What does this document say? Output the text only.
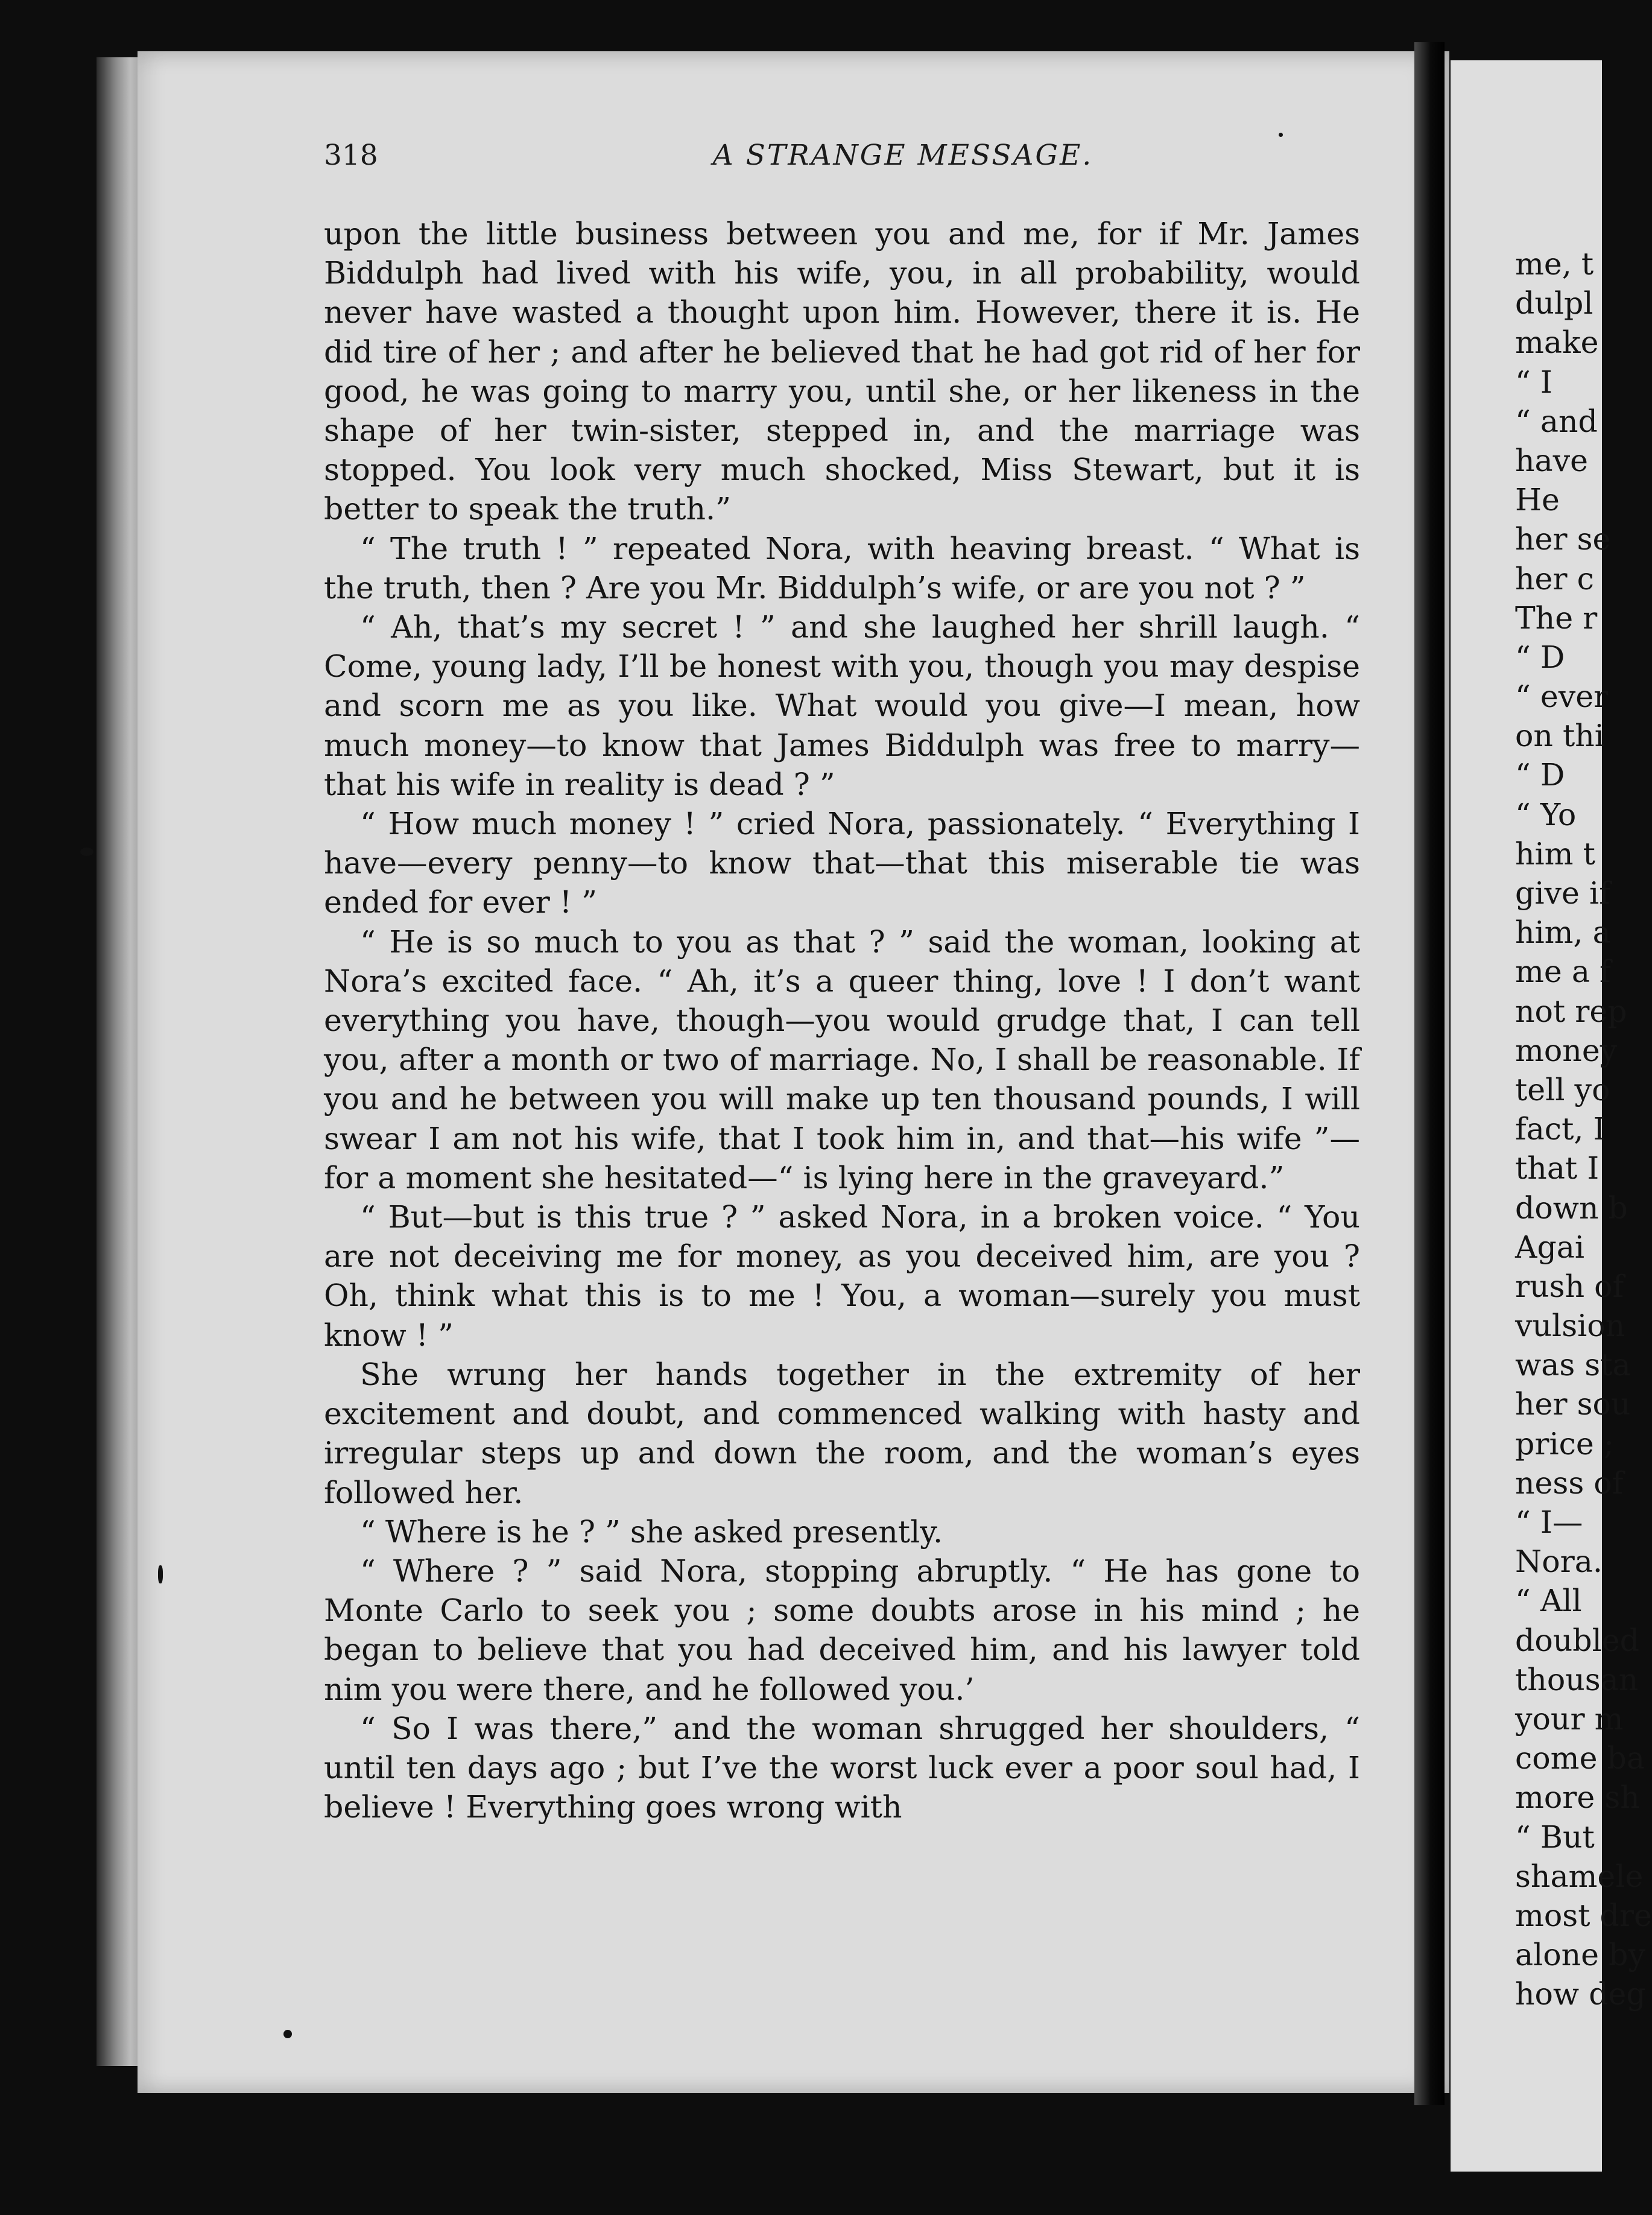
318	A STRANGE MESSAGE.

upon the little business between you and me, for if Mr. James Biddulph had lived with his wife, you, in all probability, would never have wasted a thought upon him. However, there it is. He did tire of her ; and after he believed that he had got rid of her for good, he was going to marry you, until she, or her likeness in the shape of her twin-sister, stepped in, and the marriage was stopped. You look very much shocked, Miss Stewart, but it is better to speak the truth.”

“ The truth ! ” repeated Nora, with heaving breast. “ What is the truth, then ? Are you Mr. Biddulph’s wife, or are you not ? ”

“ Ah, that’s my secret ! ” and she laughed her shrill laugh. “ Come, young lady, I’ll be honest with you, though you may despise and scorn me as you like. What would you give—I mean, how much money—to know that James Biddulph was free to marry—that his wife in reality is dead ? ”

“ How much money ! ” cried Nora, passionately. “ Everything I have—every penny—to know that—that this miserable tie was ended for ever ! ”

“ He is so much to you as that ? ” said the woman, looking at Nora’s excited face. “ Ah, it’s a queer thing, love ! I don’t want everything you have, though—you would grudge that, I can tell you, after a month or two of marriage. No, I shall be reasonable. If you and he between you will make up ten thousand pounds, I will swear I am not his wife, that I took him in, and that—his wife ”—for a moment she hesitated—“ is lying here in the graveyard.”

“ But—but is this true ? ” asked Nora, in a broken voice. “ You are not deceiving me for money, as you deceived him, are you ? Oh, think what this is to me ! You, a woman—surely you must know ! ”

She wrung her hands together in the extremity of her excitement and doubt, and commenced walking with hasty and irregular steps up and down the room, and the woman’s eyes followed her.

“ Where is he ? ” she asked presently.

“ Where ? ” said Nora, stopping abruptly. “ He has gone to Monte Carlo to seek you ; some doubts arose in his mind ; he began to believe that you had deceived him, and his lawyer told nim you were there, and he followed you.’

“ So I was there,” and the woman shrugged her shoulders, “ until ten days ago ; but I’ve the worst luck ever a poor soul had, I believe ! Everything goes wrong with

me, t
dulpl
make
“ I
“ and
have
He
her se
her c
The r
“ D
“ ever
on thi
“ D
“ Yo
him t
give if
him, a
me a f
not rep
money
tell yo
fact, I
that I
down b
Agai
rush of
vulsion
was sta
her sou
price ;
ness of
“ I—
Nora.
“ All
doubled
thousan
your m
come ba
more sh
“ But
shamele
most dre
alone by
how deg
